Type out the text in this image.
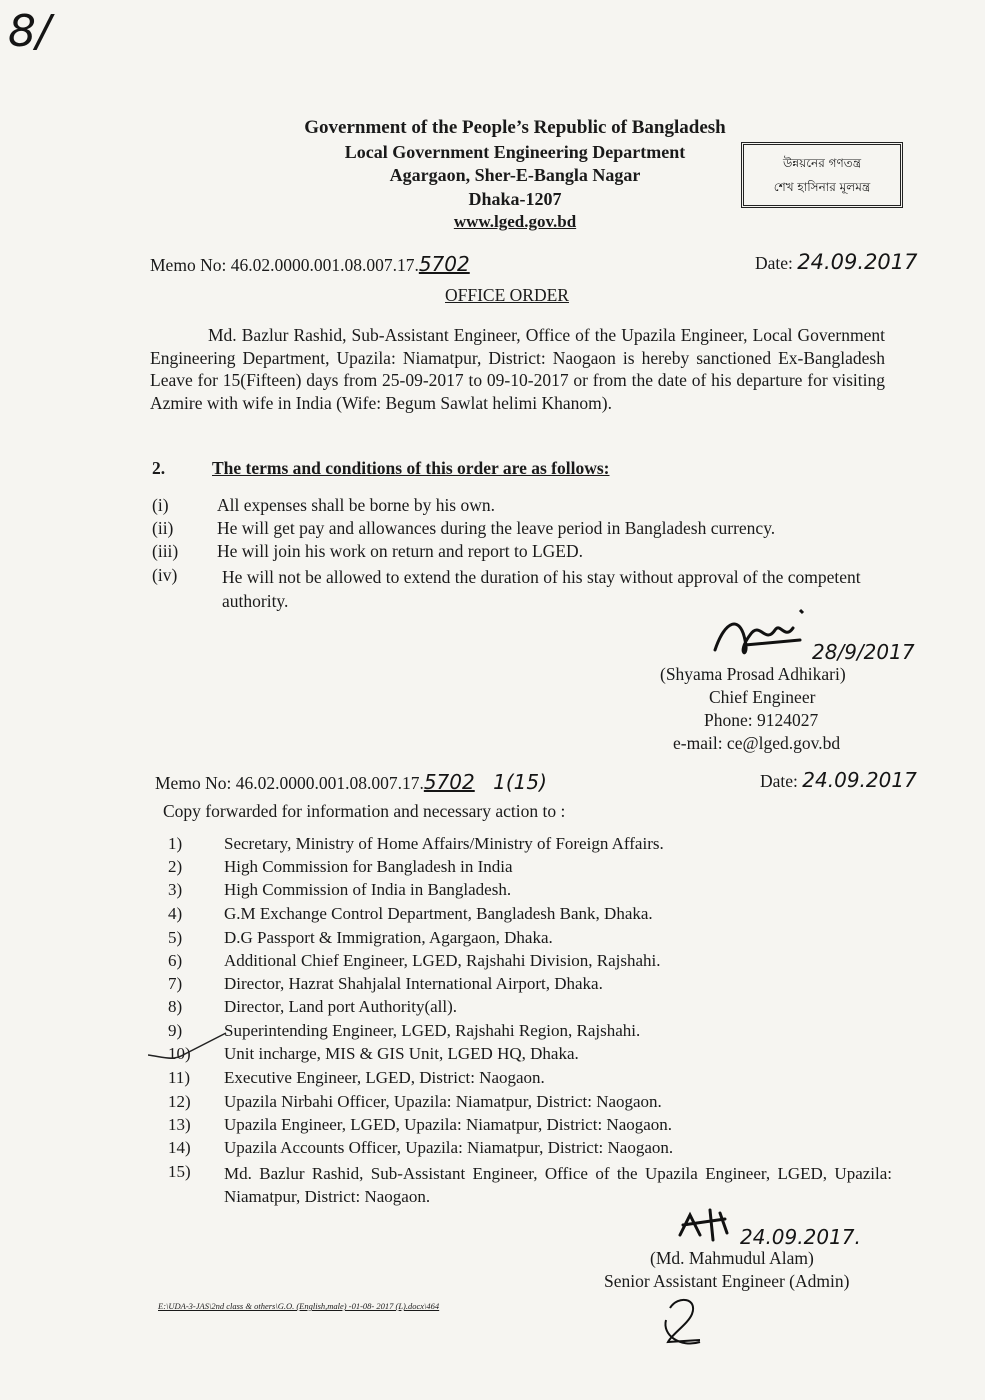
8/
Government of the People’s Republic of Bangladesh
Local Government Engineering Department
Agargaon, Sher-E-Bangla Nagar
Dhaka-1207
www.lged.gov.bd
উন্নয়নের গণতন্ত্র
শেখ হাসিনার মূলমন্ত্র
Memo No: 46.02.0000.001.08.007.17.5702	Date: 24.09.2017
OFFICE ORDER
Md. Bazlur Rashid, Sub-Assistant Engineer, Office of the Upazila Engineer, Local Government Engineering Department, Upazila: Niamatpur, District: Naogaon is hereby sanctioned Ex-Bangladesh Leave for 15(Fifteen) days from 25-09-2017 to 09-10-2017 or from the date of his departure for visiting Azmire with wife in India (Wife: Begum Sawlat helimi Khanom).
2.	The terms and conditions of this order are as follows:
(i)	All expenses shall be borne by his own.
(ii) He will get pay and allowances during the leave period in Bangladesh currency.
(iii) He will join his work on return and report to LGED.
(iv)	He will not be allowed to extend the duration of his stay without approval of the competent authority.
28/9/2017
(Shyama Prosad Adhikari)
Chief Engineer
Phone: 9124027
e-mail: ce@lged.gov.bd
Memo No: 46.02.0000.001.08.007.17.5702 1(15)	Date: 24.09.2017
Copy forwarded for information and necessary action to :
1) Secretary, Ministry of Home Affairs/Ministry of Foreign Affairs.
2) High Commission for Bangladesh in India
3) High Commission of India in Bangladesh.
4) G.M Exchange Control Department, Bangladesh Bank, Dhaka.
5) D.G Passport & Immigration, Agargaon, Dhaka.
6) Additional Chief Engineer, LGED, Rajshahi Division, Rajshahi.
7) Director, Hazrat Shahjalal International Airport, Dhaka.
8) Director, Land port Authority(all).
9) Superintending Engineer, LGED, Rajshahi Region, Rajshahi.
10) Unit incharge, MIS & GIS Unit, LGED HQ, Dhaka.
11) Executive Engineer, LGED, District: Naogaon.
12) Upazila Nirbahi Officer, Upazila: Niamatpur, District: Naogaon.
13) Upazila Engineer, LGED, Upazila: Niamatpur, District: Naogaon.
14) Upazila Accounts Officer, Upazila: Niamatpur, District: Naogaon.
15) Md. Bazlur Rashid, Sub-Assistant Engineer, Office of the Upazila Engineer, LGED, Upazila: Niamatpur, District: Naogaon.
24.09.2017.
(Md. Mahmudul Alam)
Senior Assistant Engineer (Admin)
E:\UDA-3-JAS\2nd class & others\G.O. (English,male) -01-08- 2017 (L).docx\464
